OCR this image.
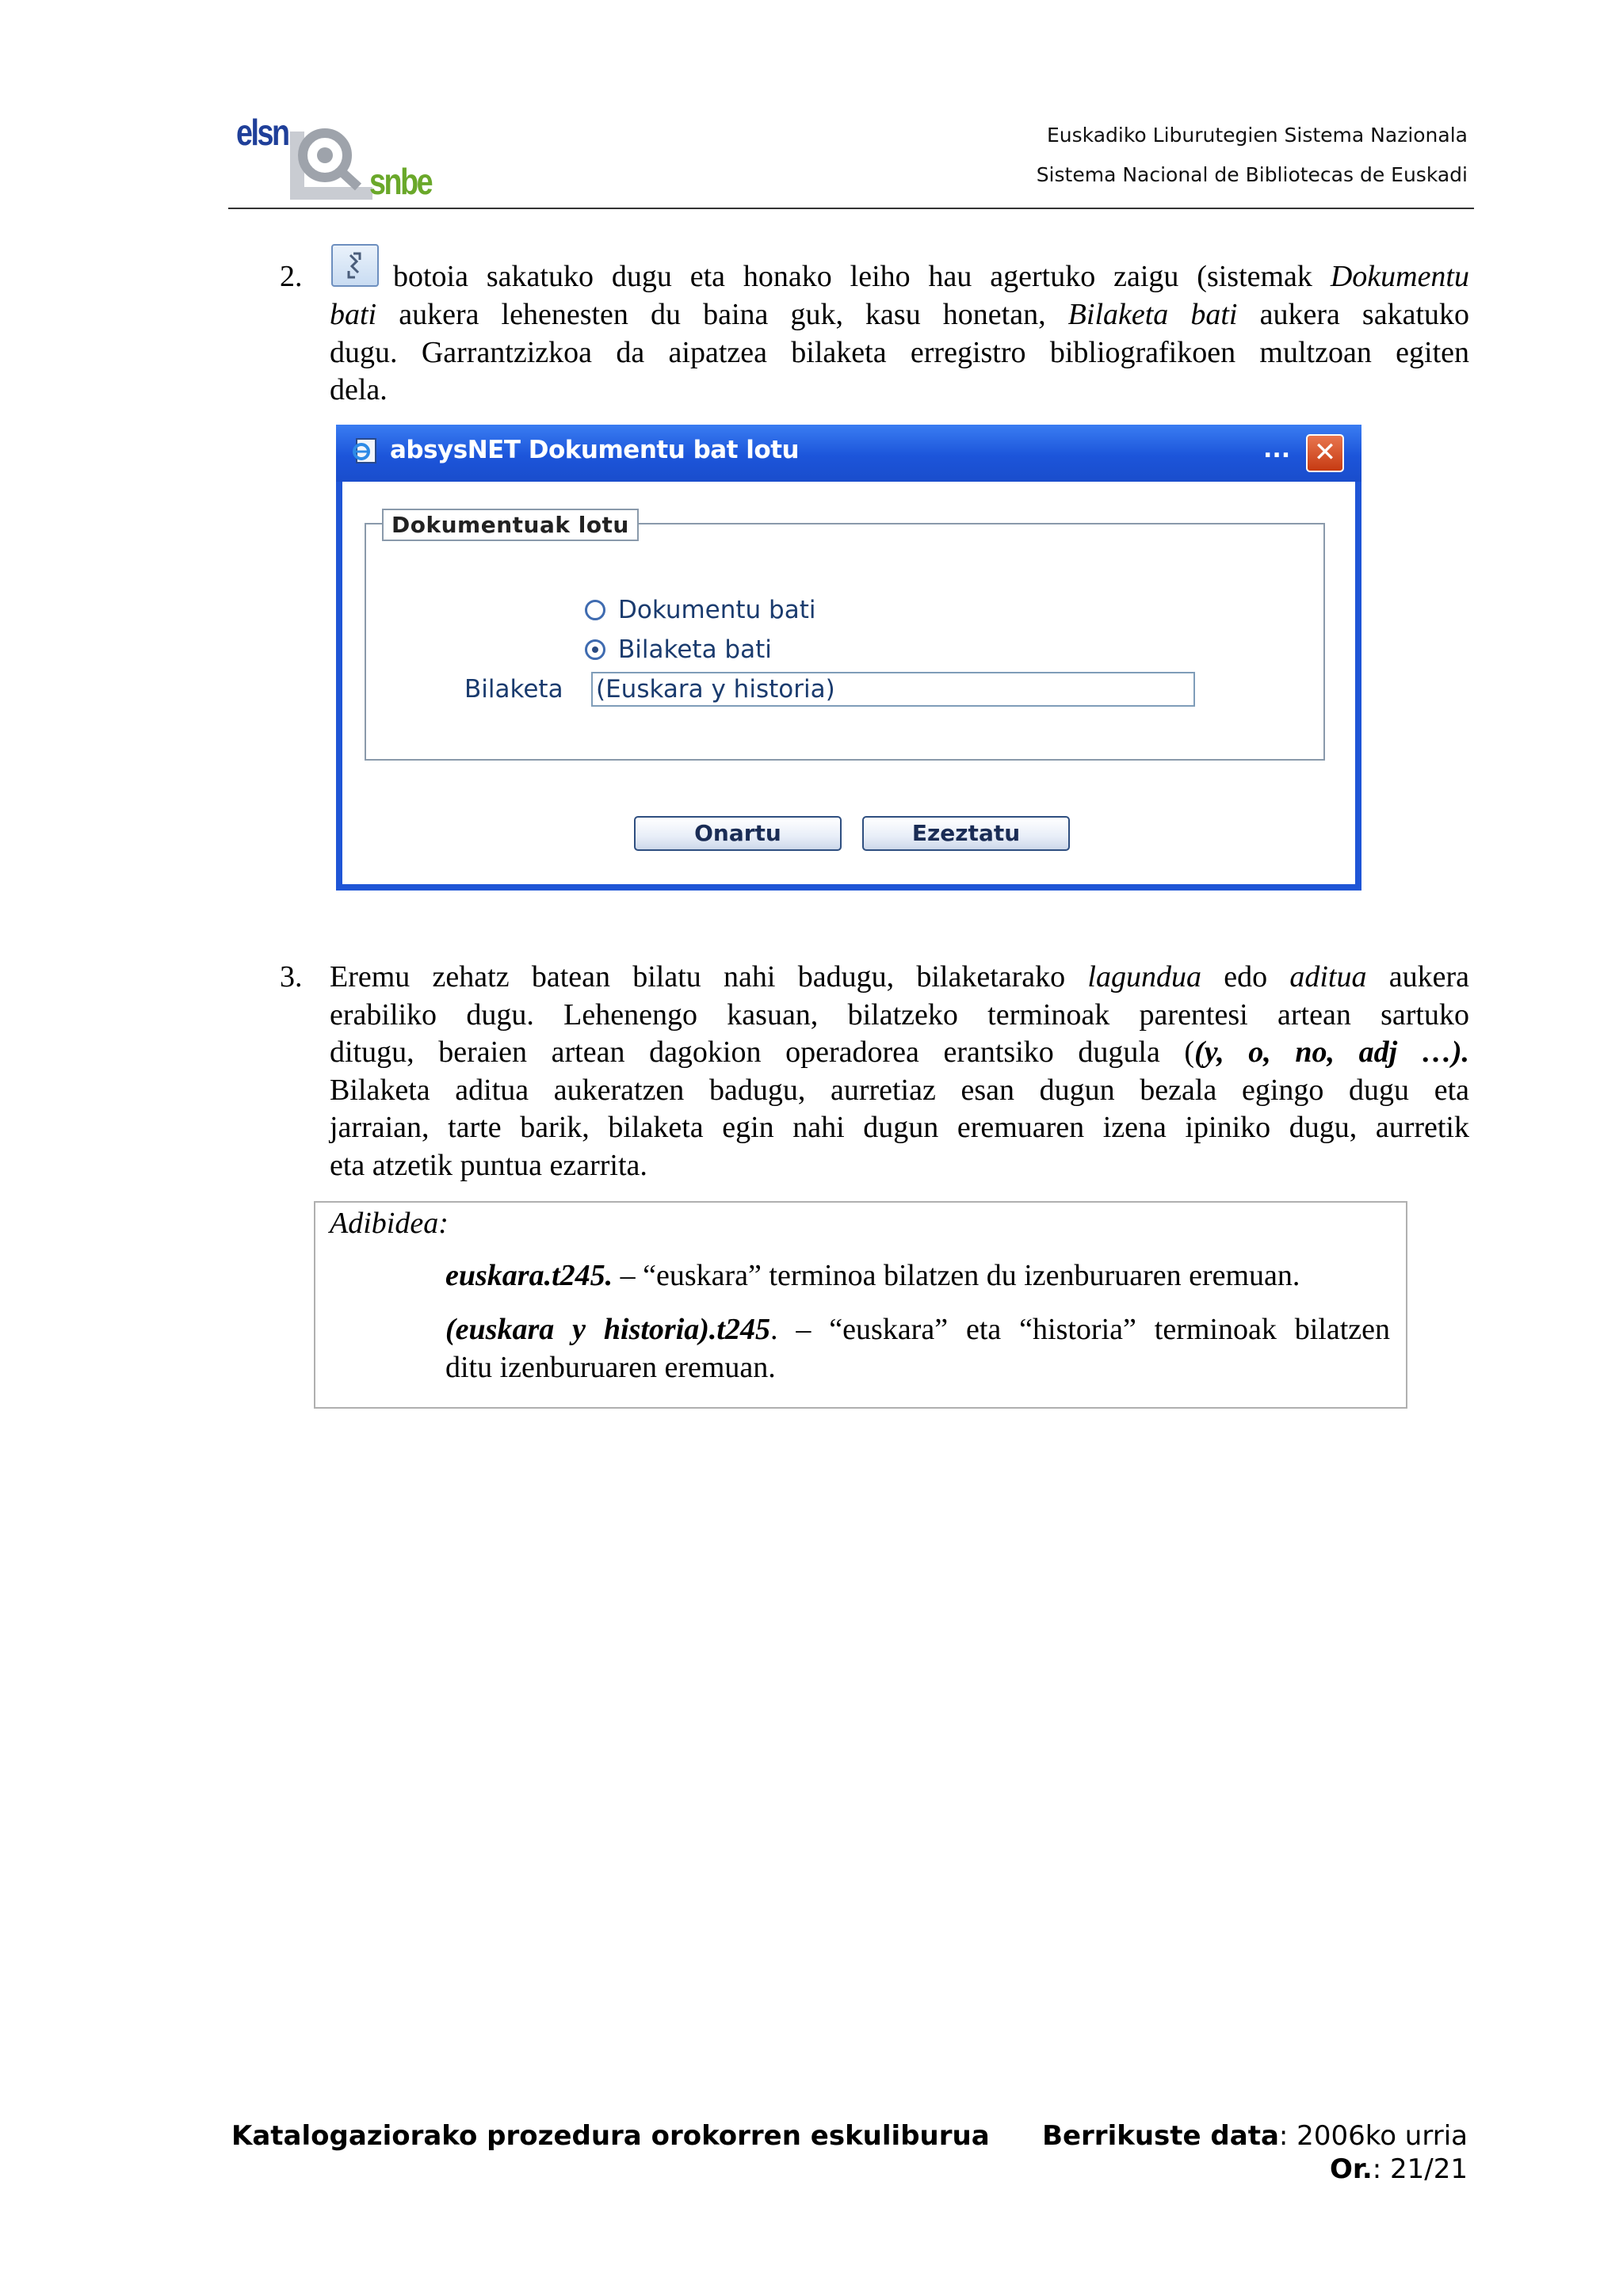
elsn
snbe
Euskadiko Liburutegien Sistema Nazionala
Sistema Nacional de Bibliotecas de Euskadi
2.	botoia sakatuko dugu eta honako leiho hau agertuko zaigu (sistemak Dokumentu
bati aukera lehenesten du baina guk, kasu honetan, Bilaketa bati aukera sakatuko
dugu. Garrantzizkoa da aipatzea bilaketa erregistro bibliografikoen multzoan egiten
dela.
absysNET Dokumentu bat lotu	... ✕
Dokumentuak lotu
Dokumentu bati
Bilaketa bati
Bilaketa (Euskara y historia)
Onartu	Ezeztatu
3. Eremu zehatz batean bilatu nahi badugu, bilaketarako lagundua edo aditua aukera
erabiliko dugu. Lehenengo kasuan, bilatzeko terminoak parentesi artean sartuko
ditugu, beraien artean dagokion operadorea erantsiko dugula ((y, o, no, adj …).
Bilaketa aditua aukeratzen badugu, aurretiaz esan dugun bezala egingo dugu eta
jarraian, tarte barik, bilaketa egin nahi dugun eremuaren izena ipiniko dugu, aurretik
eta atzetik puntua ezarrita.
Adibidea:
euskara.t245. – “euskara” terminoa bilatzen du izenburuaren eremuan.
(euskara y historia).t245. – “euskara” eta “historia” terminoak bilatzen
ditu izenburuaren eremuan.
Katalogaziorako prozedura orokorren eskuliburua Berrikuste data: 2006ko urria
Or.: 21/21
